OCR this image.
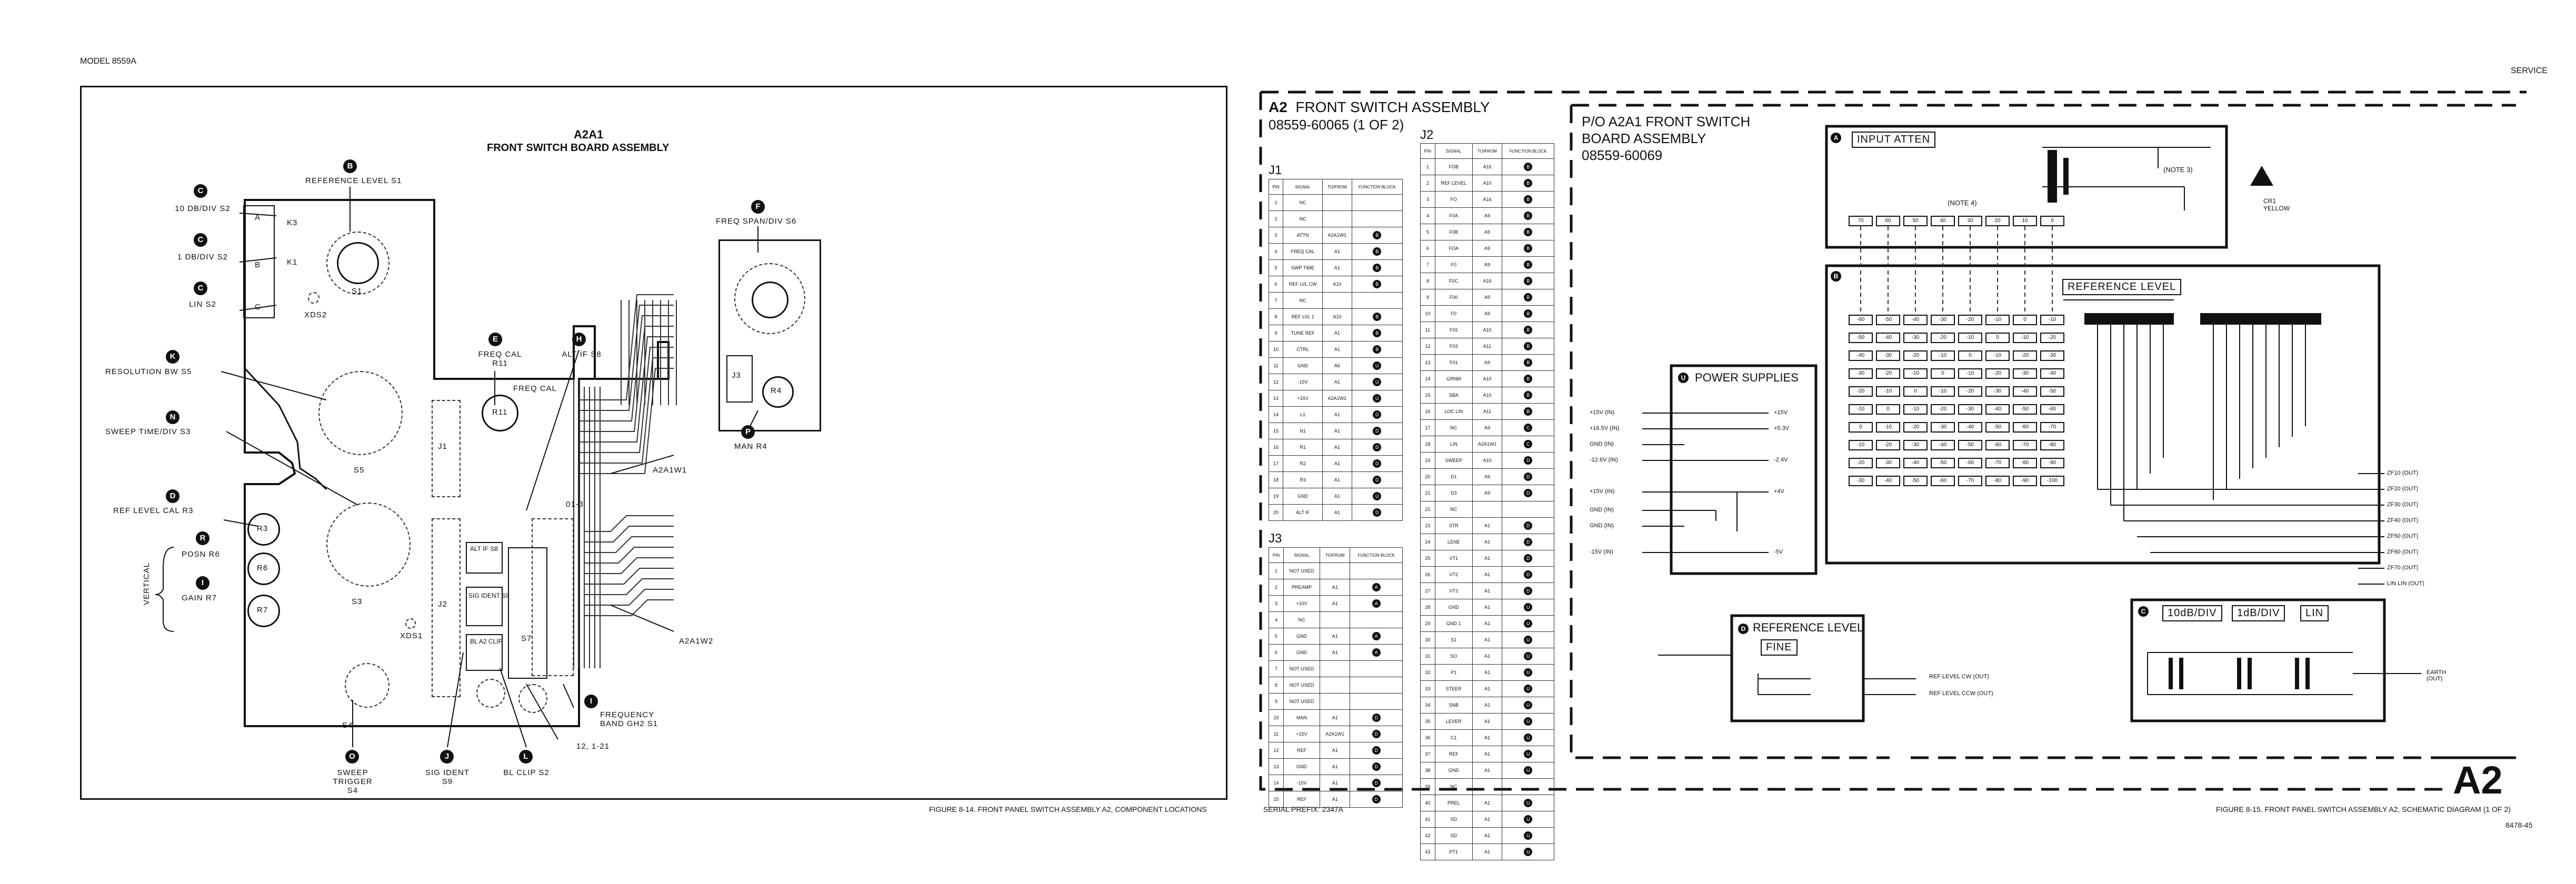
MODEL 8559A
SERVICE
A2A1
FRONT SWITCH BOARD ASSEMBLY
A
B
C
K3
K1
S1
XDS2
S5
J1
R11
FREQ CAL
S3
R3
R6
R7
J2
ALT IF S8
SIG IDENT S9
BL A2 CLIP S7
01-3
XDS1
S4
J3
R4
A2A1W1
A2A1W2
12, 1-21
B
REFERENCE LEVEL S1
C
10 DB/DIV S2
C
1 DB/DIV S2
C
LIN S2
K
RESOLUTION BW S5
N
SWEEP TIME/DIV S3
D
REF LEVEL CAL R3
R
POSN R6
I
GAIN R7
VERTICAL
E
FREQ CAL R11
H
ALT IF S8
F
FREQ SPAN/DIV S6
P
MAN R4
I
FREQUENCY BAND GH2 S1
O
SWEEP TRIGGER S4
J
SIG IDENT S9
L
BL CLIP S2
FIGURE 8-14. FRONT PANEL SWITCH ASSEMBLY A2, COMPONENT LOCATIONS
A2 FRONT SWITCH ASSEMBLY
08559-60065 (1 OF 2)	P/O A2A1 FRONT SWITCH
BOARD ASSEMBLY
08559-60069
J1
PIN	SIGNAL	TO/FROM	FUNCTION BLOCK
1	NC		
2	NC		
3	ATTN	A2A1W1	B
4	FREQ CAL	A1	B
5	SWP TIME	A1	B
6	REF LVL CW	A10	B
7	NC		
8	REF LVL 1	A10	B
9	TUNE REF	A1	B
10	CTRL	A1	B
11	GND	A6	U
12	-15V	A1	U
13	+15V	A2A1W1	U
14	L1	A1	D
15	N1	A1	D
16	R1	A1	D
17	R2	A1	D
18	R3	A1	D
19	GND	A1	U
20	ALT IF	A1	D
J2
PIN	SIGNAL	TO/FROM	FUNCTION BLOCK
1	FOB	A16	B
2	REF LEVEL	A10	B
3	FO	A16	B
4	F0A	A9	B
5	F0B	A9	B
6	FOA	A9	B
7	F0	A9	B
8	F0C	A16	B
9	F00	A9	B
10	F0	A9	B
11	F02	A10	B
12	F03	A11	B
13	F01	A9	B
14	GRNM	A10	B
15	SBA	A10	B
16	LOC LIN	A11	B
17	NC	A9	C
18	LIN	A2A1W1	C
19	SWEEP	A10	D
20	D1	A9	D
21	D3	A9	D
22	NC		
23	STR	A1	D
24	LENE	A1	D
25	VT1	A1	D
26	VT2	A1	D
27	VT3	A1	D
28	GND	A1	U
29	GND 1	A1	U
30	S1	A1	U
31	SO	A1	U
32	P1	A1	U
33	STEER	A1	U
34	SNB	A1	U
35	LEVER	A1	U
36	C1	A1	U
37	REF	A1	U
38	GND	A1	U
39	NC		
40	PREL	A1	U
41	SD	A1	U
42	SD	A1	U
43	PT1	A1	U
J3
PIN	SIGNAL	TO/FROM	FUNCTION BLOCK
1	NOT USED		
2	PREAMP	A1	A
3	+10V	A1	A
4	NC		
5	GND	A1	A
6	GND	A1	A
7	NOT USED		
8	NOT USED		
9	NOT USED		
10	MAN	A1	D
11	+15V	A2A1W1	D
12	REF	A1	D
13	GND	A1	D
14	-15V	A1	D
15	REF	A1	D
A	INPUT ATTEN
(NOTE 4)
(NOTE 3)
CR1 YELLOW
70	60	50	40	30	20	10	0
B
REFERENCE LEVEL
-60	-50	-40	-30	-20	-10	0	-10
-50	-40	-30	-20	-10	0	-10	-20
-40	-30	-20	-10	0	-10	-20	-30
-30	-20	-10	0	-10	-20	-30	-40
-20	-10	0	-10	-20	-30	-40	-50
-10	0	-10	-20	-30	-40	-50	-60
0	-10	-20	-30	-40	-50	-60	-70
-10	-20	-30	-40	-50	-60	-70	-80
-20	-30	-40	-50	-60	-70	-80	-90
-30	-40	-50	-60	-70	-80	-90	-100
ZF10 (OUT)
ZF20 (OUT)
ZF30 (OUT)
ZF40 (OUT)
ZF50 (OUT)
ZF60 (OUT)
ZF70 (OUT)
LIN LIN (OUT)
U POWER SUPPLIES
+15V (IN)
+16.5V (IN)
GND (IN)
-12.6V (IN)
+15V (IN)
GND (IN)
GND (IN)
-15V (IN)
+15V
+5.3V
-2.4V
+4V
-5V
D REFERENCE LEVEL
FINE
REF LEVEL CW (OUT)
REF LEVEL CCW (OUT)
C	10dB/DIV	1dB/DIV	LIN
EARTH (OUT)
SERIAL PREFIX: 2347A
A2
FIGURE 8-15. FRONT PANEL SWITCH ASSEMBLY A2, SCHEMATIC DIAGRAM (1 OF 2)
8478-45
